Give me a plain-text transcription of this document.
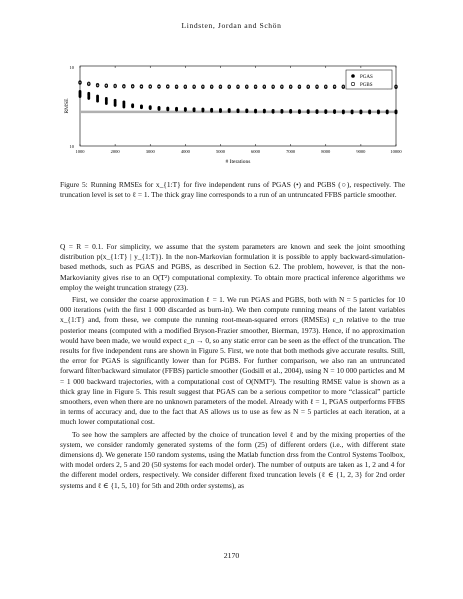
Lindsten, Jordan and Schön
1000	2000	3000	4000	5000	6000	7000	8000	9000	10000
10
10
RMSE
# Iterations
PGAS
PGBS
Figure 5: Running RMSEs for x_{1:T} for five independent runs of PGAS (•) and PGBS (○), respectively. The truncation level is set to ℓ = 1. The thick gray line corresponds to a run of an untruncated FFBS particle smoother.

Q = R = 0.1. For simplicity, we assume that the system parameters are known and seek the joint smoothing distribution p(x_{1:T} | y_{1:T}). In the non-Markovian formulation it is possible to apply backward-simulation-based methods, such as PGAS and PGBS, as described in Section 6.2. The problem, however, is that the non-Markovianity gives rise to an O(T²) computational complexity. To obtain more practical inference algorithms we employ the weight truncation strategy (23).

First, we consider the coarse approximation ℓ = 1. We run PGAS and PGBS, both with N = 5 particles for 10 000 iterations (with the first 1 000 discarded as burn-in). We then compute running means of the latent variables x_{1:T} and, from these, we compute the running root-mean-squared errors (RMSEs) ε_n relative to the true posterior means (computed with a modified Bryson-Frazier smoother, Bierman, 1973). Hence, if no approximation would have been made, we would expect ε_n → 0, so any static error can be seen as the effect of the truncation. The results for five independent runs are shown in Figure 5. First, we note that both methods give accurate results. Still, the error for PGAS is significantly lower than for PGBS. For further comparison, we also ran an untruncated forward filter/backward simulator (FFBS) particle smoother (Godsill et al., 2004), using N = 10 000 particles and M = 1 000 backward trajectories, with a computational cost of O(NMT²). The resulting RMSE value is shown as a thick gray line in Figure 5. This result suggest that PGAS can be a serious competitor to more “classical” particle smoothers, even when there are no unknown parameters of the model. Already with ℓ = 1, PGAS outperforms FFBS in terms of accuracy and, due to the fact that AS allows us to use as few as N = 5 particles at each iteration, at a much lower computational cost.

To see how the samplers are affected by the choice of truncation level ℓ and by the mixing properties of the system, we consider randomly generated systems of the form (25) of different orders (i.e., with different state dimensions d). We generate 150 random systems, using the Matlab function drss from the Control Systems Toolbox, with model orders 2, 5 and 20 (50 systems for each model order). The number of outputs are taken as 1, 2 and 4 for the different model orders, respectively. We consider different fixed truncation levels (ℓ ∈ {1, 2, 3} for 2nd order systems and ℓ ∈ {1, 5, 10} for 5th and 20th order systems), as

2170
